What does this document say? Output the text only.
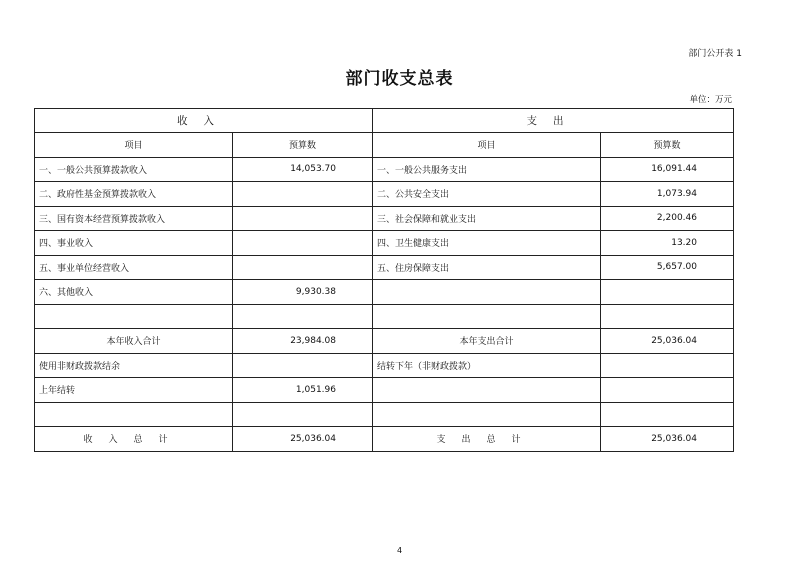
部门公开表 1
部门收支总表
单位：万元
收入		支出	
项目	预算数	项目	预算数
一、一般公共预算拨款收入	14,053.70	一、一般公共服务支出	16,091.44
二、政府性基金预算拨款收入		二、公共安全支出	1,073.94
三、国有资本经营预算拨款收入		三、社会保障和就业支出	2,200.46
四、事业收入		四、卫生健康支出	13.20
五、事业单位经营收入		五、住房保障支出	5,657.00
六、其他收入	9,930.38		

本年收入合计	23,984.08	本年支出合计	25,036.04
使用非财政拨款结余		结转下年（非财政拨款）	
上年结转	1,051.96		

收入总计	25,036.04	支出总计	25,036.04
4
